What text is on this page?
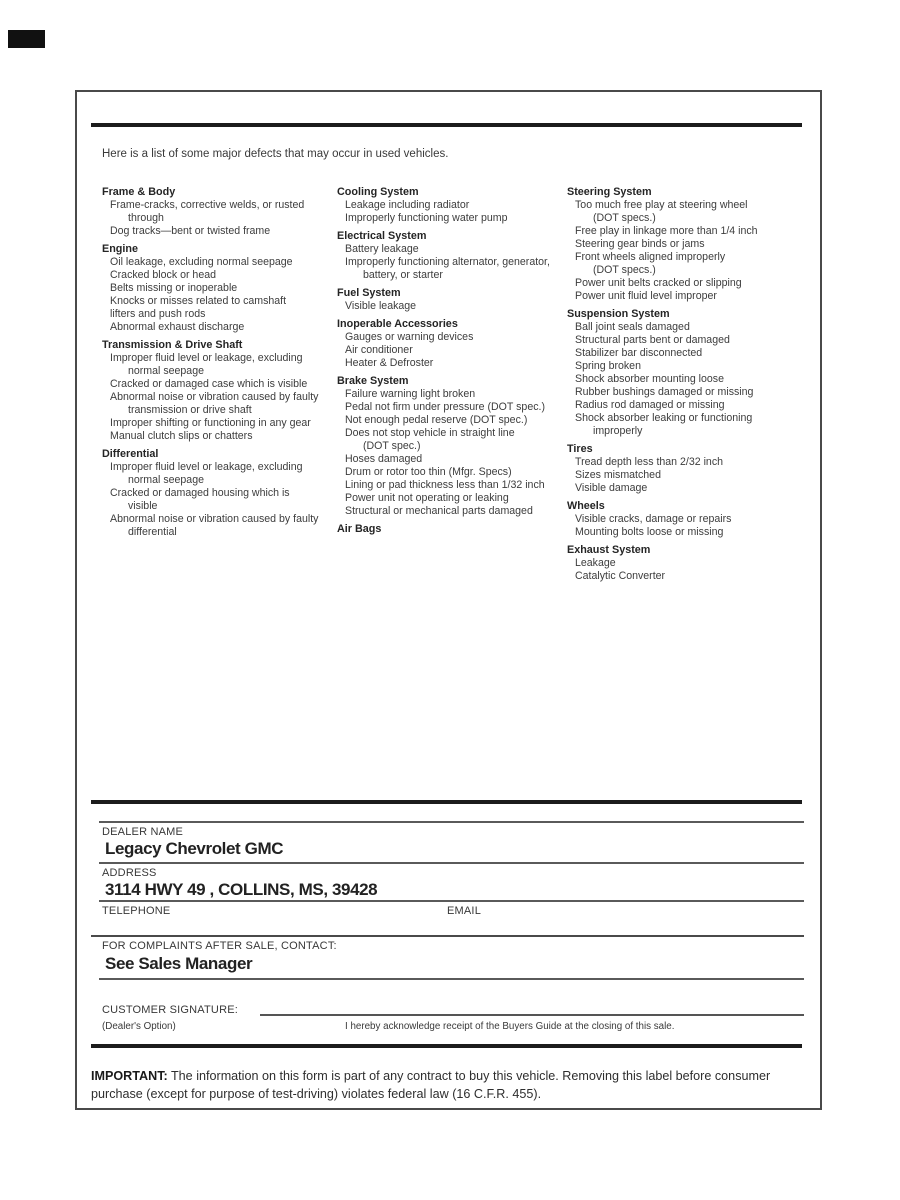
Here is a list of some major defects that may occur in used vehicles.
Frame & Body
Frame-cracks, corrective welds, or rusted
through
Dog tracks—bent or twisted frame
Engine
Oil leakage, excluding normal seepage
Cracked block or head
Belts missing or inoperable
Knocks or misses related to camshaft
lifters and push rods
Abnormal exhaust discharge
Transmission & Drive Shaft
Improper fluid level or leakage, excluding
normal seepage
Cracked or damaged case which is visible
Abnormal noise or vibration caused by faulty
transmission or drive shaft
Improper shifting or functioning in any gear
Manual clutch slips or chatters
Differential
Improper fluid level or leakage, excluding
normal seepage
Cracked or damaged housing which is
visible
Abnormal noise or vibration caused by faulty
differential
Cooling System
Leakage including radiator
Improperly functioning water pump
Electrical System
Battery leakage
Improperly functioning alternator, generator,
battery, or starter
Fuel System
Visible leakage
Inoperable Accessories
Gauges or warning devices
Air conditioner
Heater & Defroster
Brake System
Failure warning light broken
Pedal not firm under pressure (DOT spec.)
Not enough pedal reserve (DOT spec.)
Does not stop vehicle in straight line
(DOT spec.)
Hoses damaged
Drum or rotor too thin (Mfgr. Specs)
Lining or pad thickness less than 1/32 inch
Power unit not operating or leaking
Structural or mechanical parts damaged
Air Bags
Steering System
Too much free play at steering wheel
(DOT specs.)
Free play in linkage more than 1/4 inch
Steering gear binds or jams
Front wheels aligned improperly
(DOT specs.)
Power unit belts cracked or slipping
Power unit fluid level improper
Suspension System
Ball joint seals damaged
Structural parts bent or damaged
Stabilizer bar disconnected
Spring broken
Shock absorber mounting loose
Rubber bushings damaged or missing
Radius rod damaged or missing
Shock absorber leaking or functioning
improperly
Tires
Tread depth less than 2/32 inch
Sizes mismatched
Visible damage
Wheels
Visible cracks, damage or repairs
Mounting bolts loose or missing
Exhaust System
Leakage
Catalytic Converter
DEALER NAME
Legacy Chevrolet GMC
ADDRESS
3114 HWY 49 , COLLINS, MS, 39428
TELEPHONE	EMAIL
FOR COMPLAINTS AFTER SALE, CONTACT:
See Sales Manager
CUSTOMER SIGNATURE:
(Dealer's Option)	I hereby acknowledge receipt of the Buyers Guide at the closing of this sale.

IMPORTANT: The information on this form is part of any contract to buy this vehicle. Removing this label before consumer purchase (except for purpose of test-driving) violates federal law (16 C.F.R. 455).
